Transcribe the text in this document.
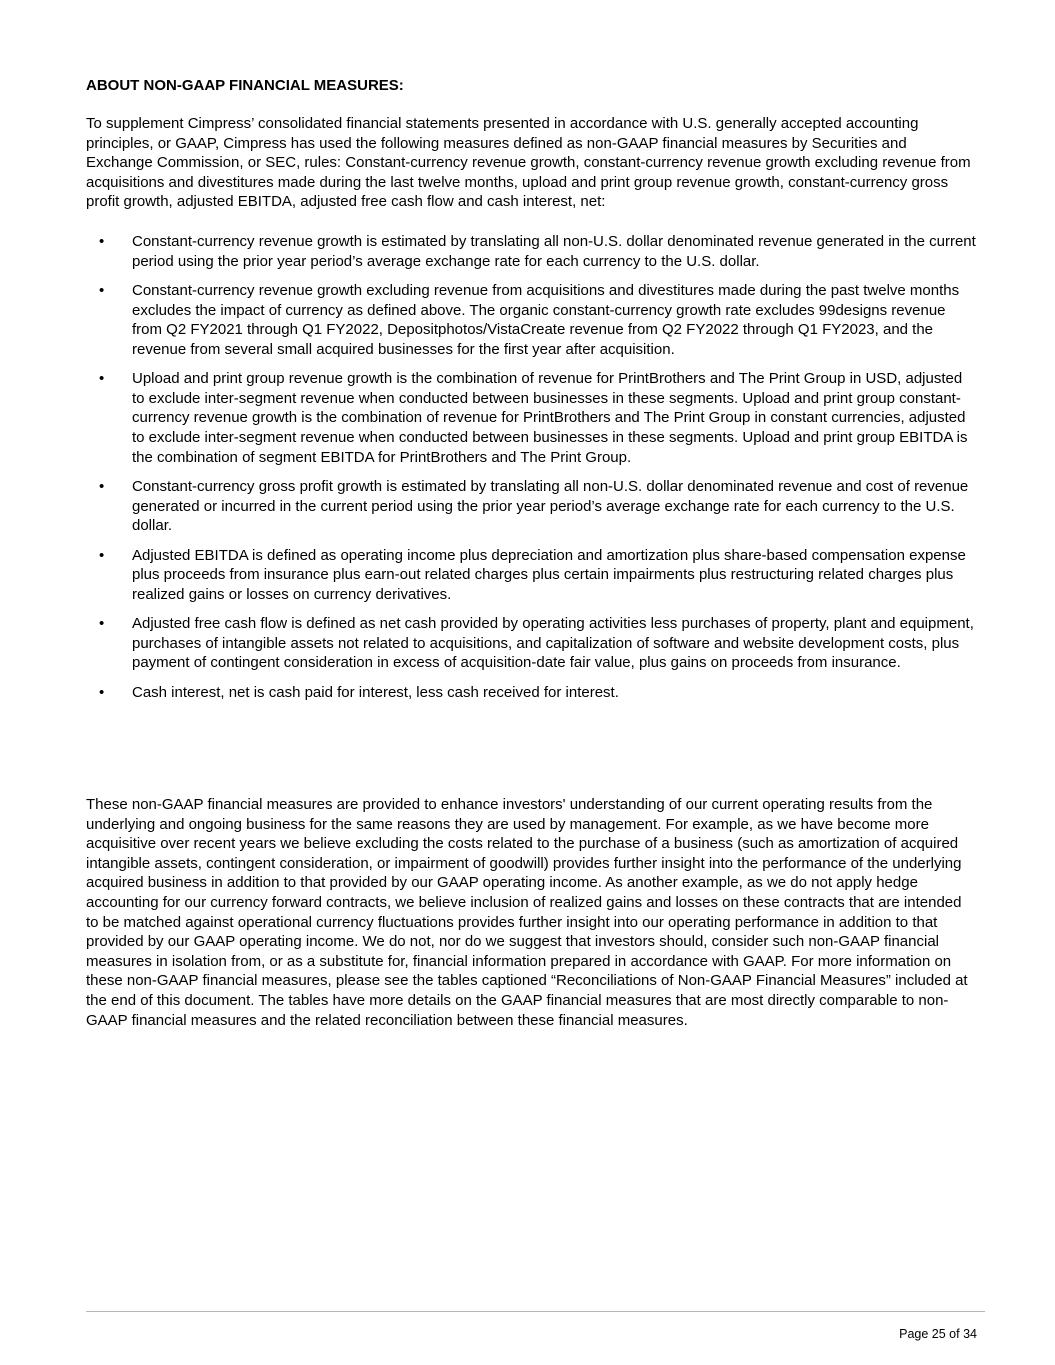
ABOUT NON-GAAP FINANCIAL MEASURES:

To supplement Cimpress’ consolidated financial statements presented in accordance with U.S. generally accepted accounting principles, or GAAP, Cimpress has used the following measures defined as non-GAAP financial measures by Securities and Exchange Commission, or SEC, rules: Constant-currency revenue growth, constant-currency revenue growth excluding revenue from acquisitions and divestitures made during the last twelve months, upload and print group revenue growth, constant-currency gross profit growth, adjusted EBITDA, adjusted free cash flow and cash interest, net:

• Constant-currency revenue growth is estimated by translating all non-U.S. dollar denominated revenue generated in the current period using the prior year period’s average exchange rate for each currency to the U.S. dollar.
• Constant-currency revenue growth excluding revenue from acquisitions and divestitures made during the past twelve months excludes the impact of currency as defined above. The organic constant-currency growth rate excludes 99designs revenue from Q2 FY2021 through Q1 FY2022, Depositphotos/VistaCreate revenue from Q2 FY2022 through Q1 FY2023, and the revenue from several small acquired businesses for the first year after acquisition.
• Upload and print group revenue growth is the combination of revenue for PrintBrothers and The Print Group in USD, adjusted to exclude inter-segment revenue when conducted between businesses in these segments. Upload and print group constant-currency revenue growth is the combination of revenue for PrintBrothers and The Print Group in constant currencies, adjusted to exclude inter-segment revenue when conducted between businesses in these segments. Upload and print group EBITDA is the combination of segment EBITDA for PrintBrothers and The Print Group.
• Constant-currency gross profit growth is estimated by translating all non-U.S. dollar denominated revenue and cost of revenue generated or incurred in the current period using the prior year period’s average exchange rate for each currency to the U.S. dollar.
• Adjusted EBITDA is defined as operating income plus depreciation and amortization plus share-based compensation expense plus proceeds from insurance plus earn-out related charges plus certain impairments plus restructuring related charges plus realized gains or losses on currency derivatives.
• Adjusted free cash flow is defined as net cash provided by operating activities less purchases of property, plant and equipment, purchases of intangible assets not related to acquisitions, and capitalization of software and website development costs, plus payment of contingent consideration in excess of acquisition-date fair value, plus gains on proceeds from insurance.
• Cash interest, net is cash paid for interest, less cash received for interest.

These non-GAAP financial measures are provided to enhance investors' understanding of our current operating results from the underlying and ongoing business for the same reasons they are used by management. For example, as we have become more acquisitive over recent years we believe excluding the costs related to the purchase of a business (such as amortization of acquired intangible assets, contingent consideration, or impairment of goodwill) provides further insight into the performance of the underlying acquired business in addition to that provided by our GAAP operating income. As another example, as we do not apply hedge accounting for our currency forward contracts, we believe inclusion of realized gains and losses on these contracts that are intended to be matched against operational currency fluctuations provides further insight into our operating performance in addition to that provided by our GAAP operating income. We do not, nor do we suggest that investors should, consider such non-GAAP financial measures in isolation from, or as a substitute for, financial information prepared in accordance with GAAP. For more information on these non-GAAP financial measures, please see the tables captioned “Reconciliations of Non-GAAP Financial Measures” included at the end of this document. The tables have more details on the GAAP financial measures that are most directly comparable to non-GAAP financial measures and the related reconciliation between these financial measures.

Page 25 of 34
